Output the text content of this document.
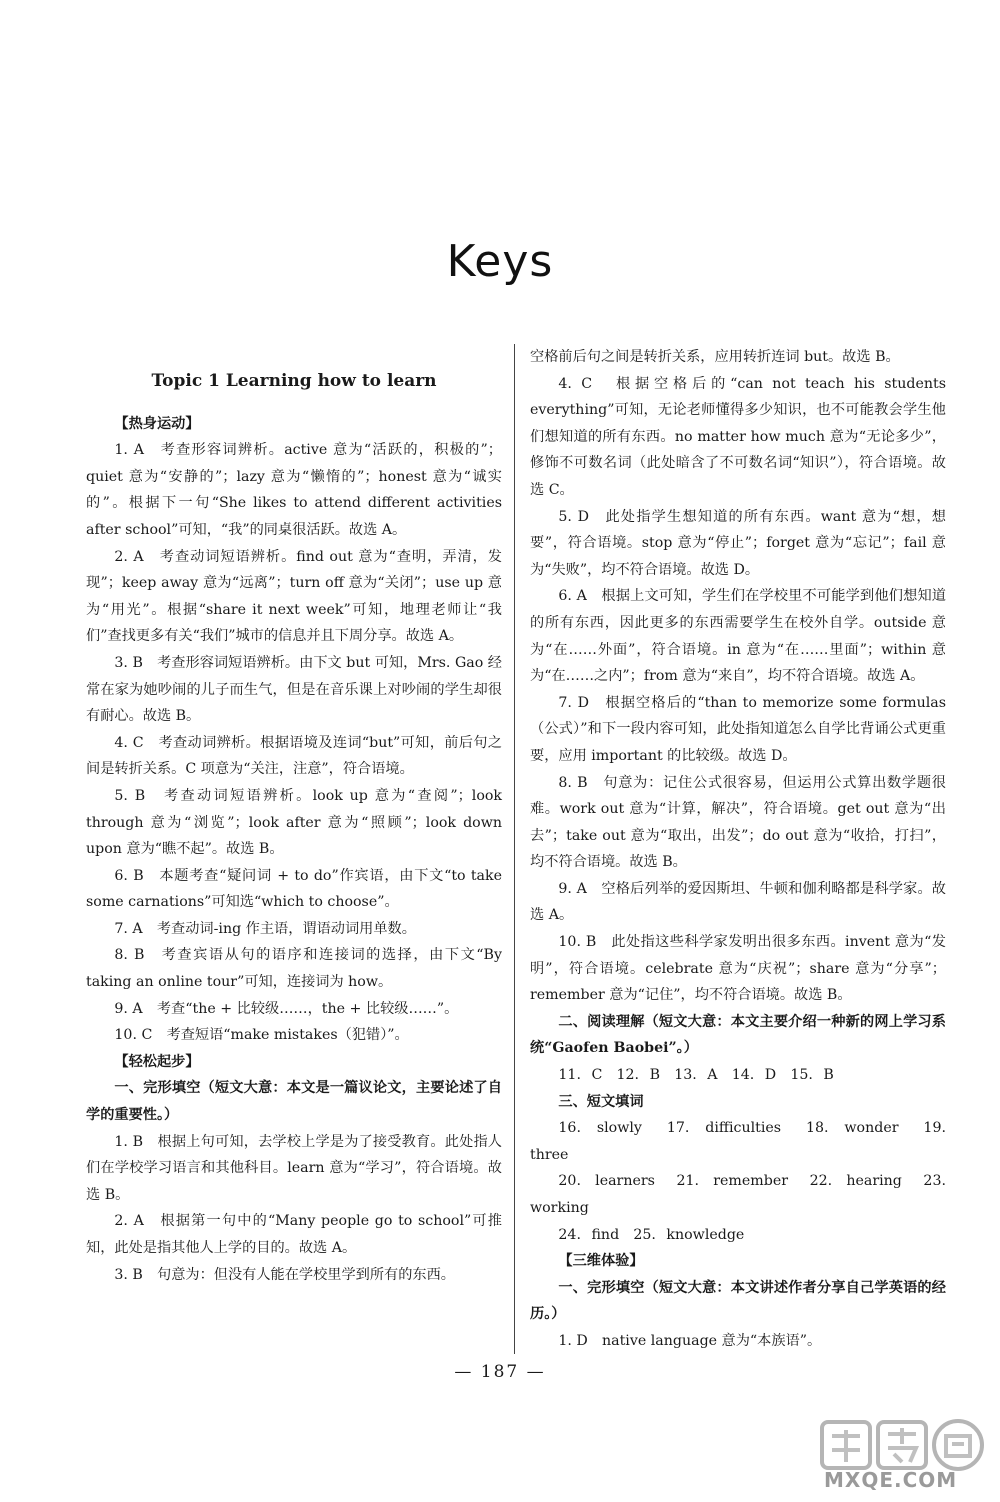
Keys

Topic 1 Learning how to learn

【热身运动】

1. A　考查形容词辨析。active 意为“活跃的，积极的”；quiet 意为“安静的”；lazy 意为“懒惰的”；honest 意为“诚实的”。根据下一句“She likes to attend different activities after school”可知，“我”的同桌很活跃。故选 A。

2. A　考查动词短语辨析。find out 意为“查明，弄清，发现”；keep away 意为“远离”；turn off 意为“关闭”；use up 意为“用光”。根据“share it next week”可知，地理老师让“我们”查找更多有关“我们”城市的信息并且下周分享。故选 A。

3. B　考查形容词短语辨析。由下文 but 可知，Mrs. Gao 经常在家为她吵闹的儿子而生气，但是在音乐课上对吵闹的学生却很有耐心。故选 B。

4. C　考查动词辨析。根据语境及连词“but”可知，前后句之间是转折关系。C 项意为“关注，注意”，符合语境。

5. B　考查动词短语辨析。look up 意为“查阅”；look through 意为“浏览”；look after 意为“照顾”；look down upon 意为“瞧不起”。故选 B。

6. B　本题考查“疑问词 + to do”作宾语，由下文“to take some carnations”可知选“which to choose”。

7. A　考查动词-ing 作主语，谓语动词用单数。

8. B　考查宾语从句的语序和连接词的选择，由下文“By taking an online tour”可知，连接词为 how。

9. A　考查“the + 比较级……，the + 比较级……”。

10. C　考查短语“make mistakes（犯错）”。

【轻松起步】

一、完形填空（短文大意：本文是一篇议论文，主要论述了自学的重要性。）

1. B　根据上句可知，去学校上学是为了接受教育。此处指人们在学校学习语言和其他科目。learn 意为“学习”，符合语境。故选 B。

2. A　根据第一句中的“Many people go to school”可推知，此处是指其他人上学的目的。故选 A。

3. B　句意为：但没有人能在学校里学到所有的东西。

空格前后句之间是转折关系，应用转折连词 but。故选 B。

4. C　根据空格后的“can not teach his students everything”可知，无论老师懂得多少知识，也不可能教会学生他们想知道的所有东西。no matter how much 意为“无论多少”，修饰不可数名词（此处暗含了不可数名词“知识”），符合语境。故选 C。

5. D　此处指学生想知道的所有东西。want 意为“想，想要”，符合语境。stop 意为“停止”；forget 意为“忘记”；fail 意为“失败”，均不符合语境。故选 D。

6. A　根据上文可知，学生们在学校里不可能学到他们想知道的所有东西，因此更多的东西需要学生在校外自学。outside 意为“在……外面”，符合语境。in 意为“在……里面”；within 意为“在……之内”；from 意为“来自”，均不符合语境。故选 A。

7. D　根据空格后的“than to memorize some formulas（公式）”和下一段内容可知，此处指知道怎么自学比背诵公式更重要，应用 important 的比较级。故选 D。

8. B　句意为：记住公式很容易，但运用公式算出数学题很难。work out 意为“计算，解决”，符合语境。get out 意为“出去”；take out 意为“取出，出发”；do out 意为“收拾，打扫”，均不符合语境。故选 B。

9. A　空格后列举的爱因斯坦、牛顿和伽利略都是科学家。故选 A。

10. B　此处指这些科学家发明出很多东西。invent 意为“发明”，符合语境。celebrate 意为“庆祝”；share 意为“分享”；remember 意为“记住”，均不符合语境。故选 B。

二、阅读理解（短文大意：本文主要介绍一种新的网上学习系统“Gaofen Baobei”。）

11. C　12. B　13. A　14. D　15. B

三、短文填词

16. slowly　17. difficulties　18. wonder　19. three

20. learners　21. remember　22. hearing　23. working

24. find　25. knowledge

【三维体验】

一、完形填空（短文大意：本文讲述作者分享自己学英语的经历。）

1. D　native language 意为“本族语”。

— 187 —
MXQE.COM
